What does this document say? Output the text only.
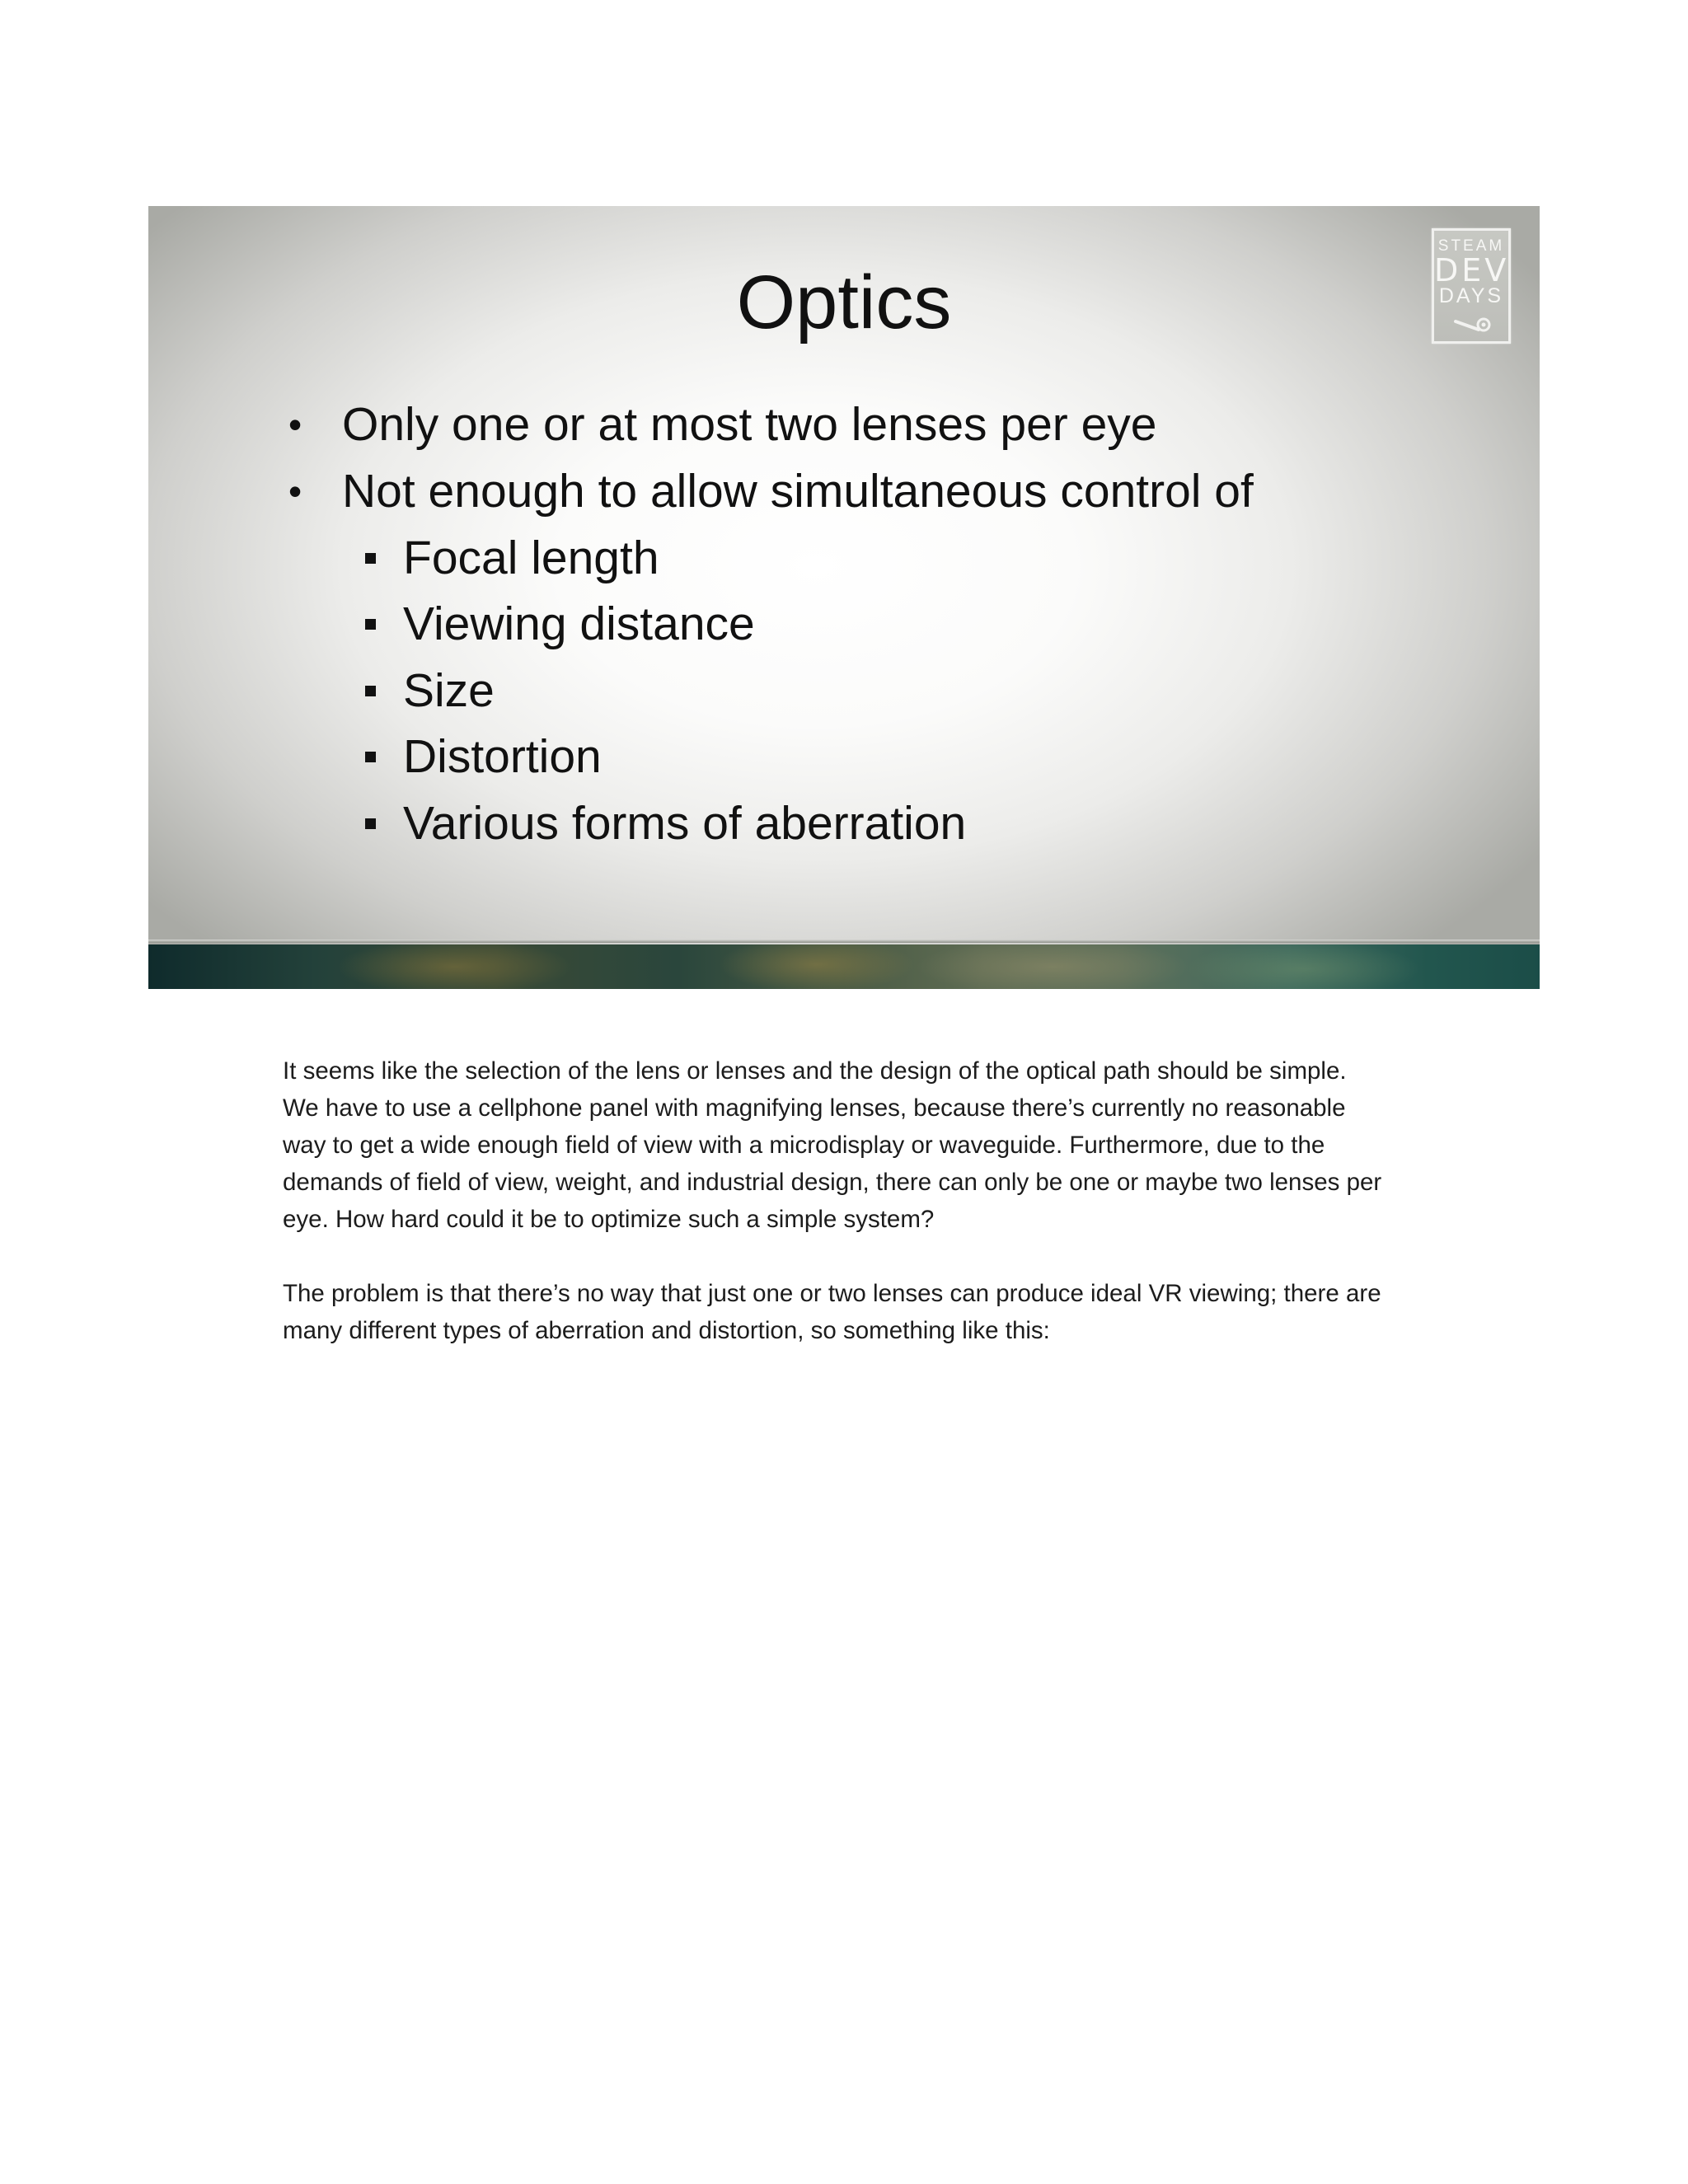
Optics
STEAM
DEV
DAYS
• Only one or at most two lenses per eye
• Not enough to allow simultaneous control of
Focal length
Viewing distance
Size
Distortion
Various forms of aberration

It seems like the selection of the lens or lenses and the design of the optical path should be simple.

We have to use a cellphone panel with magnifying lenses, because there’s currently no reasonable

way to get a wide enough field of view with a microdisplay or waveguide. Furthermore, due to the

demands of field of view, weight, and industrial design, there can only be one or maybe two lenses per

eye. How hard could it be to optimize such a simple system?

The problem is that there’s no way that just one or two lenses can produce ideal VR viewing; there are

many different types of aberration and distortion, so something like this:
